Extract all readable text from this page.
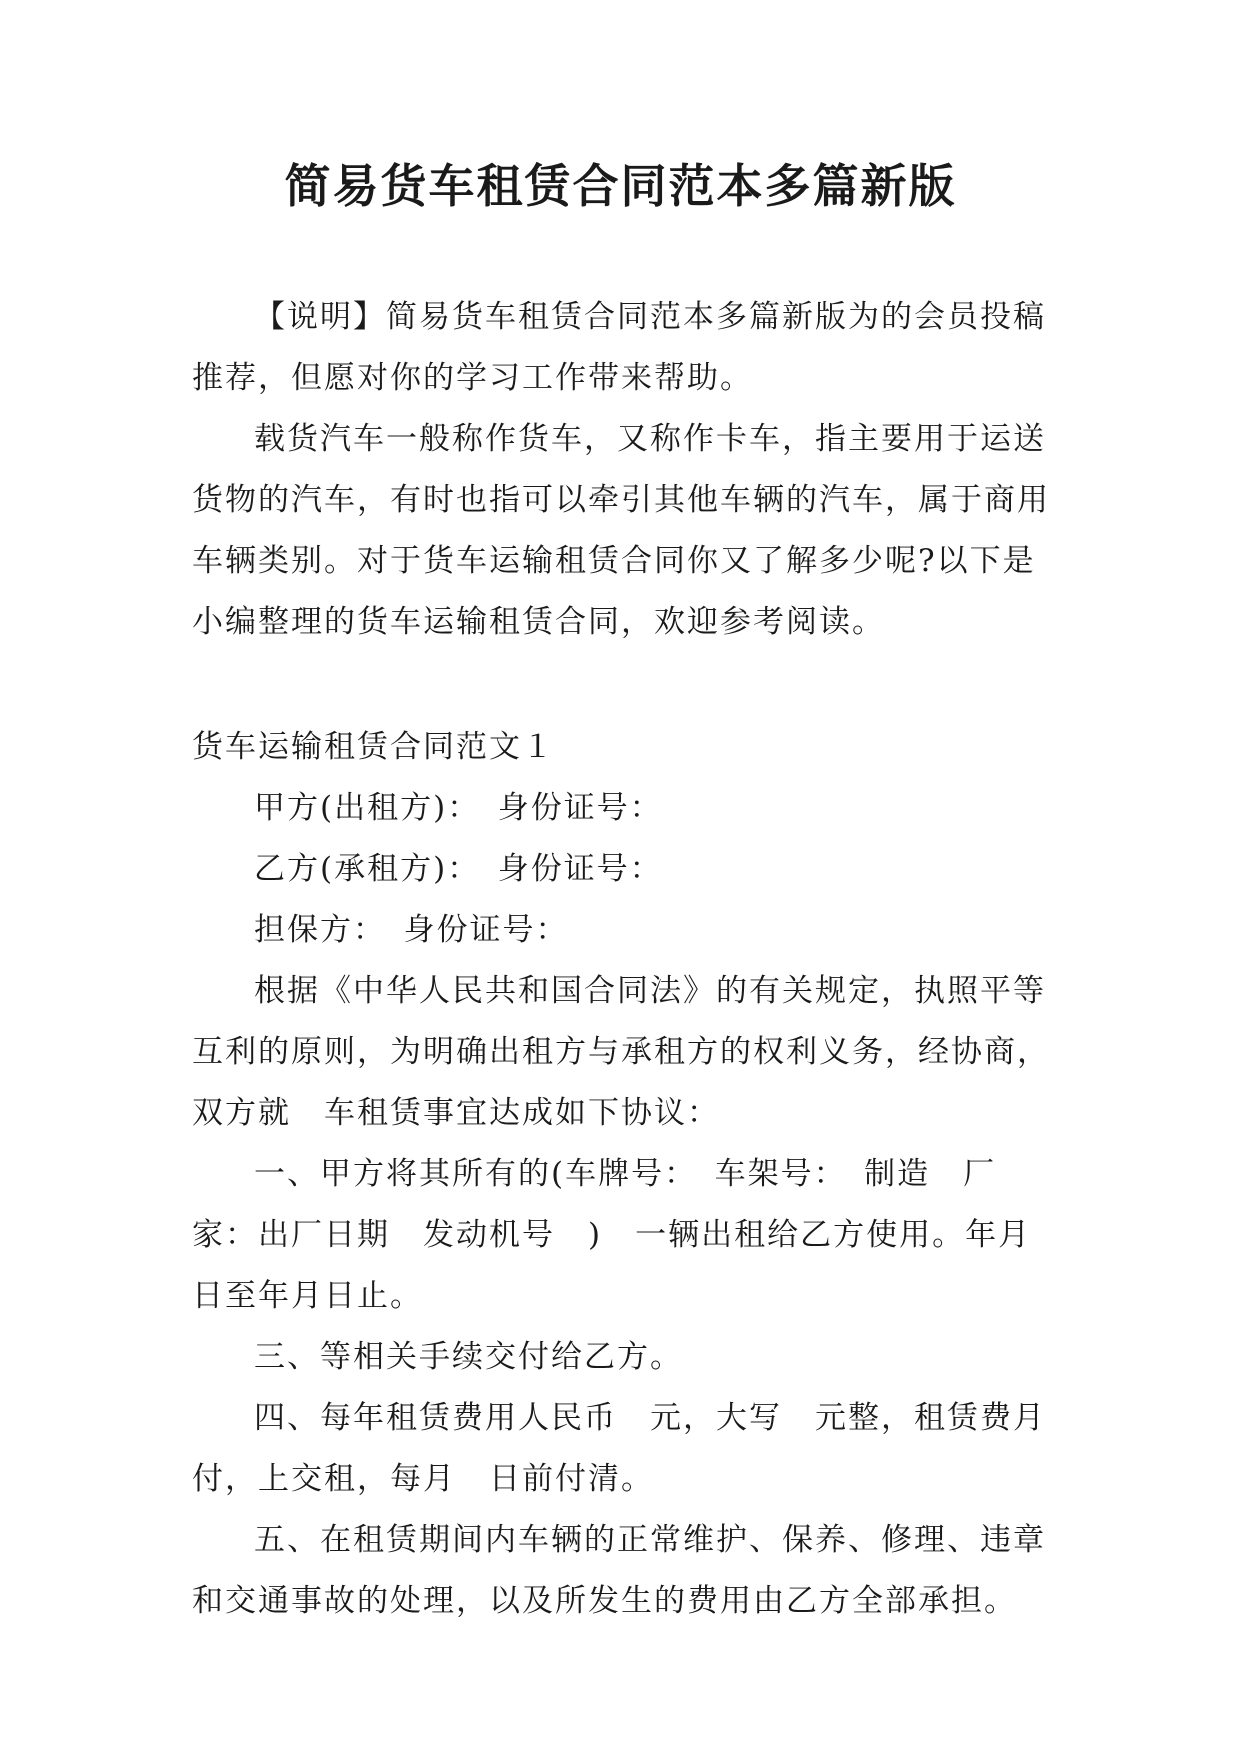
简易货车租赁合同范本多篇新版

【说明】简易货车租赁合同范本多篇新版为的会员投稿推荐，但愿对你的学习工作带来帮助。

载货汽车一般称作货车，又称作卡车，指主要用于运送货物的汽车，有时也指可以牵引其他车辆的汽车，属于商用车辆类别。对于货车运输租赁合同你又了解多少呢?以下是小编整理的货车运输租赁合同，欢迎参考阅读。

货车运输租赁合同范文１

甲方(出租方)：　身份证号：

乙方(承租方)：　身份证号：

担保方：　身份证号：

根据《中华人民共和国合同法》的有关规定，执照平等互利的原则，为明确出租方与承租方的权利义务，经协商，双方就　车租赁事宜达成如下协议：

一、甲方将其所有的(车牌号：　车架号：　制造　厂家：出厂日期　发动机号　)　一辆出租给乙方使用。年月日至年月日止。

三、等相关手续交付给乙方。

四、每年租赁费用人民币　元，大写　元整，租赁费月付，上交租，每月　日前付清。

五、在租赁期间内车辆的正常维护、保养、修理、违章和交通事故的处理，以及所发生的费用由乙方全部承担。
